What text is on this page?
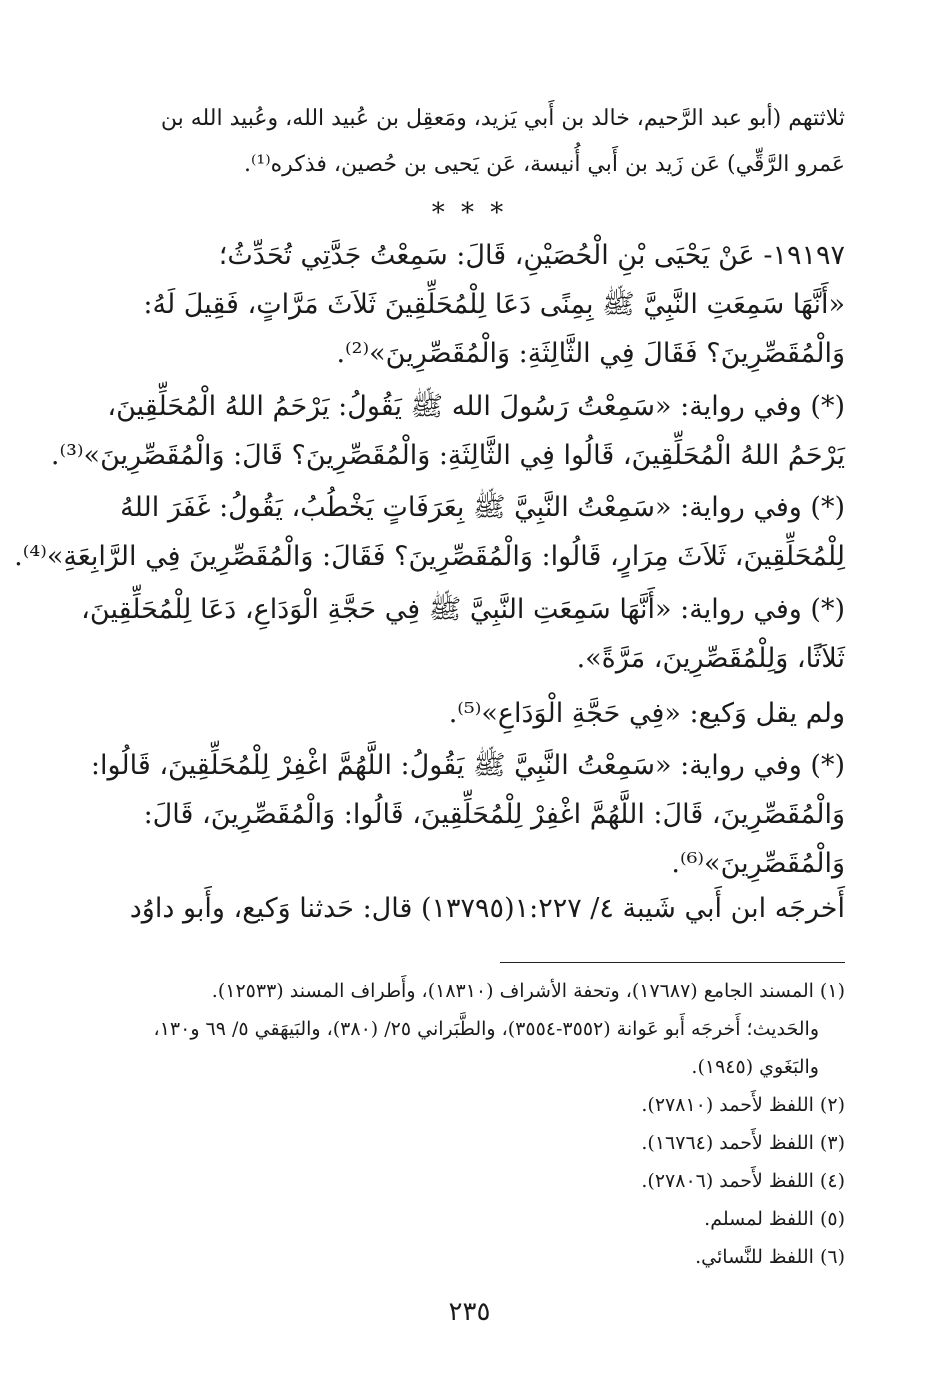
ثلاثتهم (أبو عبد الرَّحيم، خالد بن أَبي يَزيد، ومَعقِل بن عُبيد الله، وعُبيد الله بن
عَمرو الرَّقِّي) عَن زَيد بن أَبي أُنيسة، عَن يَحيى بن حُصين، فذكره⁽¹⁾.
* * *
١٩١٩٧- عَنْ يَحْيَى بْنِ الْحُصَيْنِ، قَالَ: سَمِعْتُ جَدَّتِي تُحَدِّثُ؛
«أَنَّهَا سَمِعَتِ النَّبِيَّ ﷺ بِمِنًى دَعَا لِلْمُحَلِّقِينَ ثَلاَثَ مَرَّاتٍ، فَقِيلَ لَهُ:
وَالْمُقَصِّرِينَ؟ فَقَالَ فِي الثَّالِثَةِ: وَالْمُقَصِّرِينَ»⁽²⁾.
(*) وفي رواية: «سَمِعْتُ رَسُولَ الله ﷺ يَقُولُ: يَرْحَمُ اللهُ الْمُحَلِّقِينَ،
يَرْحَمُ اللهُ الْمُحَلِّقِينَ، قَالُوا فِي الثَّالِثَةِ: وَالْمُقَصِّرِينَ؟ قَالَ: وَالْمُقَصِّرِينَ»⁽³⁾.
(*) وفي رواية: «سَمِعْتُ النَّبِيَّ ﷺ بِعَرَفَاتٍ يَخْطُبُ، يَقُولُ: غَفَرَ اللهُ
لِلْمُحَلِّقِينَ، ثَلاَثَ مِرَارٍ، قَالُوا: وَالْمُقَصِّرِينَ؟ فَقَالَ: وَالْمُقَصِّرِينَ فِي الرَّابِعَةِ»⁽⁴⁾.
(*) وفي رواية: «أَنَّهَا سَمِعَتِ النَّبِيَّ ﷺ فِي حَجَّةِ الْوَدَاعِ، دَعَا لِلْمُحَلِّقِينَ،
ثَلاَثًا، وَلِلْمُقَصِّرِينَ، مَرَّةً».
ولم يقل وَكيع: «فِي حَجَّةِ الْوَدَاعِ»⁽⁵⁾.
(*) وفي رواية: «سَمِعْتُ النَّبِيَّ ﷺ يَقُولُ: اللَّهُمَّ اغْفِرْ لِلْمُحَلِّقِينَ، قَالُوا:
وَالْمُقَصِّرِينَ، قَالَ: اللَّهُمَّ اغْفِرْ لِلْمُحَلِّقِينَ، قَالُوا: وَالْمُقَصِّرِينَ، قَالَ:
وَالْمُقَصِّرِينَ»⁽⁶⁾.
أَخرجَه ابن أَبي شَيبة ٤/ ١:٢٢٧(١٣٧٩٥) قال: حَدثنا وَكيع، وأَبو داوُد
(١) المسند الجامع (١٧٦٨٧)، وتحفة الأشراف (١٨٣١٠)، وأَطراف المسند (١٢٥٣٣).
والحَديث؛ أَخرجَه أَبو عَوانة (٣٥٥٢-٣٥٥٤)، والطَّبَراني ٢٥/ (٣٨٠)، والبَيهَقي ٥/ ٦٩ و١٣٠،
والبَغَوي (١٩٤٥).
(٢) اللفظ لأَحمد (٢٧٨١٠).
(٣) اللفظ لأَحمد (١٦٧٦٤).
(٤) اللفظ لأَحمد (٢٧٨٠٦).
(٥) اللفظ لمسلم.
(٦) اللفظ للنَّسائي.
٢٣٥
